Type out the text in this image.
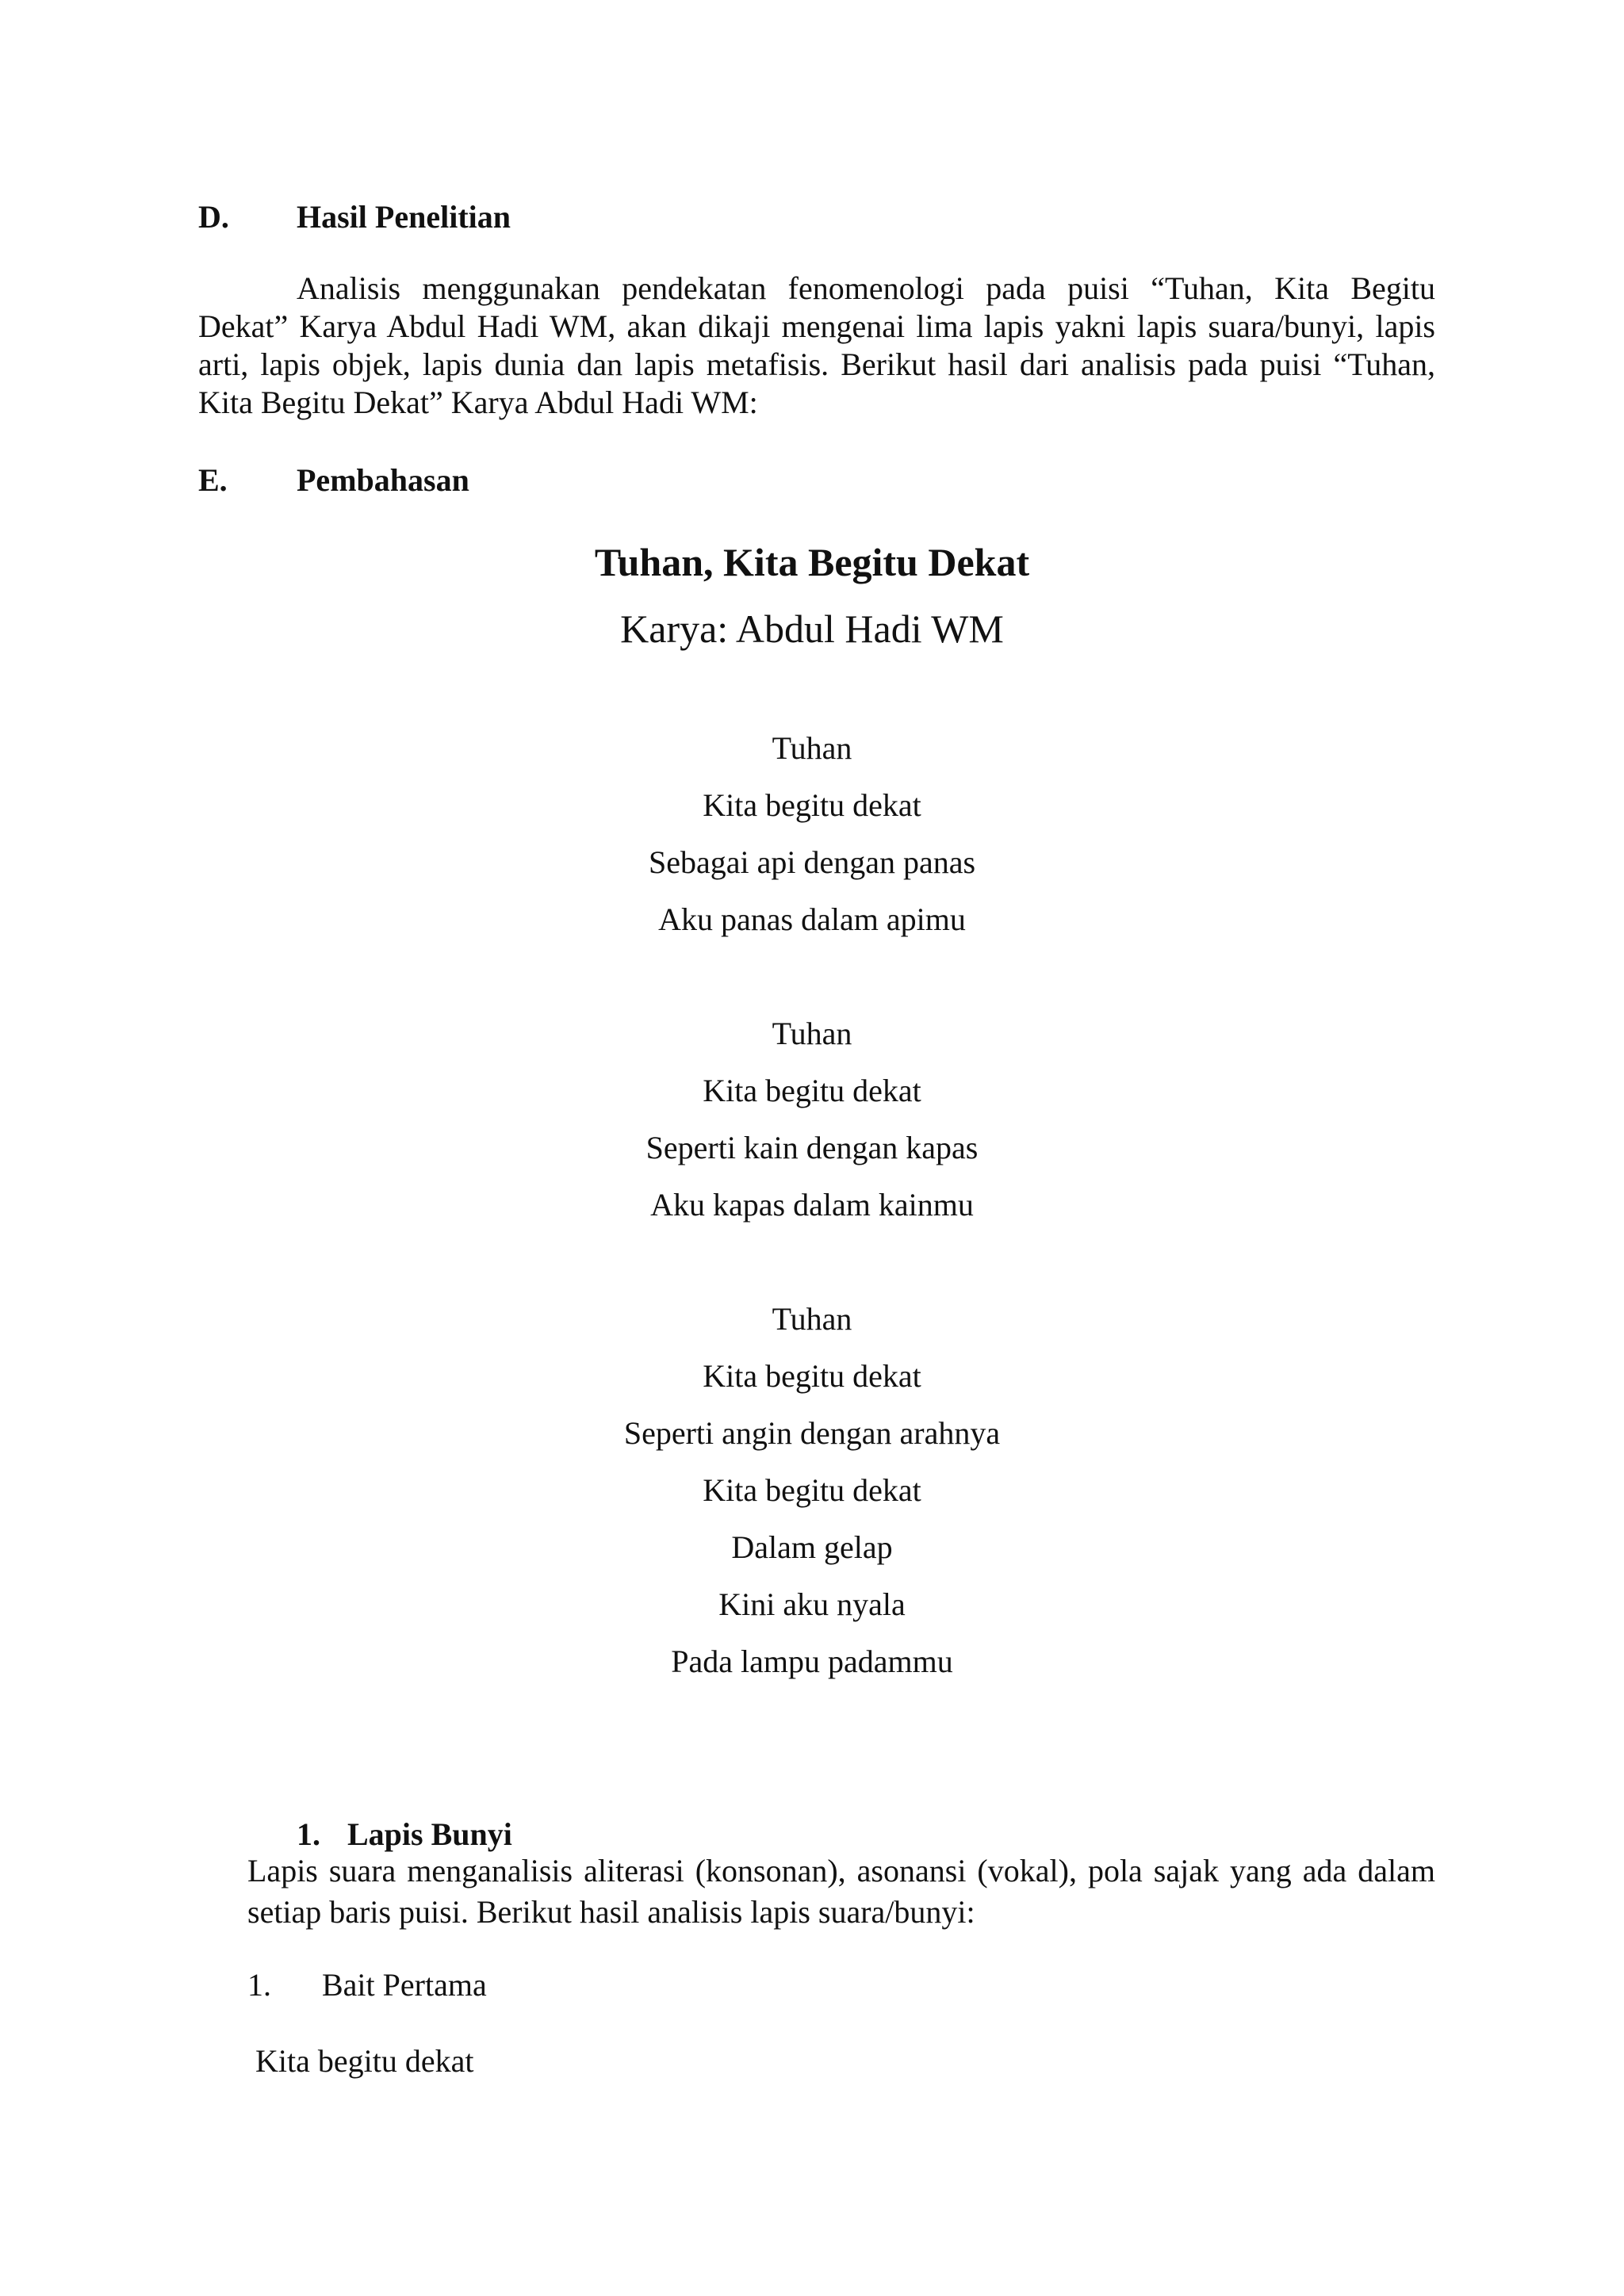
D. Hasil Penelitian
Analisis menggunakan pendekatan fenomenologi pada puisi “Tuhan, Kita Begitu
Dekat” Karya Abdul Hadi WM, akan dikaji mengenai lima lapis yakni lapis suara/bunyi, lapis
arti, lapis objek, lapis dunia dan lapis metafisis. Berikut hasil dari analisis pada puisi “Tuhan,
Kita Begitu Dekat” Karya Abdul Hadi WM:
E. Pembahasan
Tuhan, Kita Begitu Dekat
Karya: Abdul Hadi WM
Tuhan
Kita begitu dekat
Sebagai api dengan panas
Aku panas dalam apimu
Tuhan
Kita begitu dekat
Seperti kain dengan kapas
Aku kapas dalam kainmu
Tuhan
Kita begitu dekat
Seperti angin dengan arahnya
Kita begitu dekat
Dalam gelap
Kini aku nyala
Pada lampu padammu
1. Lapis Bunyi
Lapis suara menganalisis aliterasi (konsonan), asonansi (vokal), pola sajak yang ada dalam
setiap baris puisi. Berikut hasil analisis lapis suara/bunyi:
1. Bait Pertama
Kita begitu dekat
